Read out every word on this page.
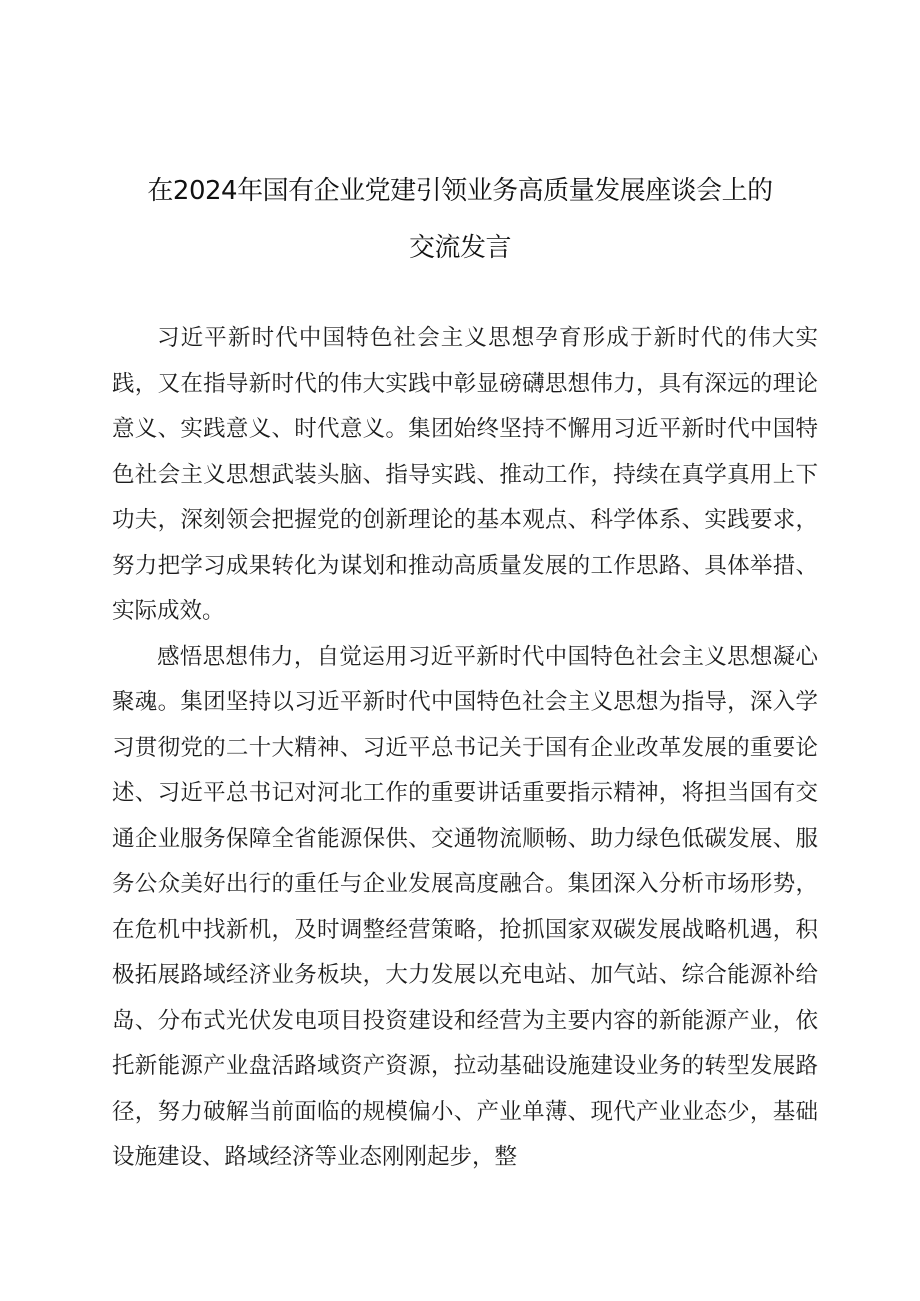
在2024年国有企业党建引领业务高质量发展座谈会上的
交流发言

习近平新时代中国特色社会主义思想孕育形成于新时代的伟大实践，又在指导新时代的伟大实践中彰显磅礴思想伟力，具有深远的理论意义、实践意义、时代意义。集团始终坚持不懈用习近平新时代中国特色社会主义思想武装头脑、指导实践、推动工作，持续在真学真用上下功夫，深刻领会把握党的创新理论的基本观点、科学体系、实践要求，努力把学习成果转化为谋划和推动高质量发展的工作思路、具体举措、实际成效。

感悟思想伟力，自觉运用习近平新时代中国特色社会主义思想凝心聚魂。集团坚持以习近平新时代中国特色社会主义思想为指导，深入学习贯彻党的二十大精神、习近平总书记关于国有企业改革发展的重要论述、习近平总书记对河北工作的重要讲话重要指示精神，将担当国有交通企业服务保障全省能源保供、交通物流顺畅、助力绿色低碳发展、服务公众美好出行的重任与企业发展高度融合。集团深入分析市场形势，在危机中找新机，及时调整经营策略，抢抓国家双碳发展战略机遇，积极拓展路域经济业务板块，大力发展以充电站、加气站、综合能源补给岛、分布式光伏发电项目投资建设和经营为主要内容的新能源产业，依托新能源产业盘活路域资产资源，拉动基础设施建设业务的转型发展路径，努力破解当前面临的规模偏小、产业单薄、现代产业业态少，基础设施建设、路域经济等业态刚刚起步，整
